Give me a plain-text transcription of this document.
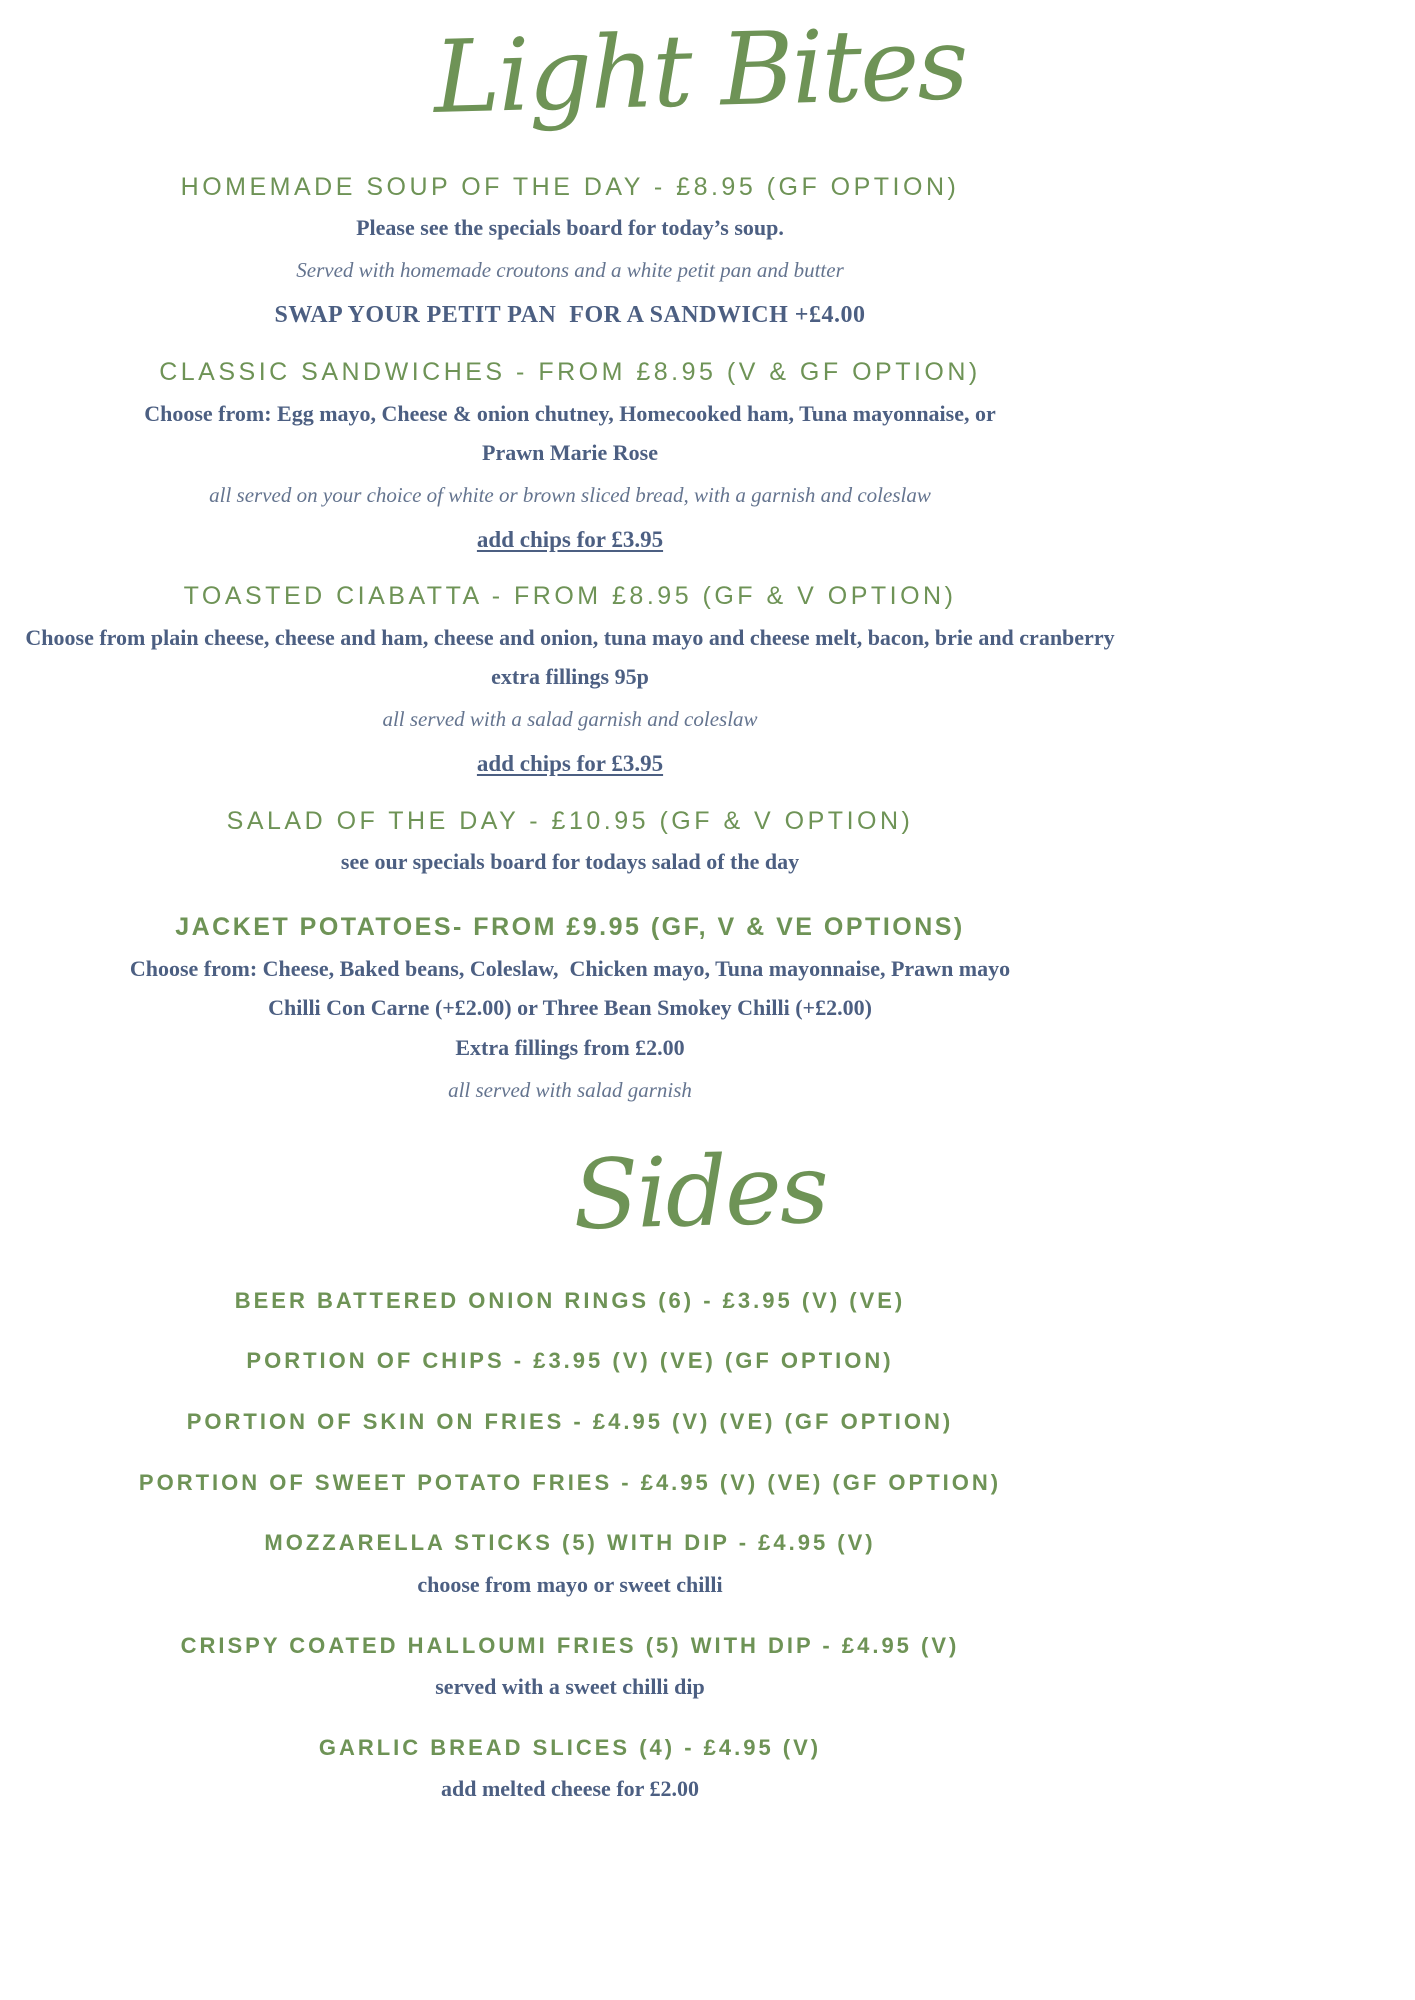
Light Bites
HOMEMADE SOUP OF THE DAY - £8.95 (GF OPTION)
Please see the specials board for today’s soup.
Served with homemade croutons and a white petit pan and butter
SWAP YOUR PETIT PAN  FOR A SANDWICH +£4.00
CLASSIC SANDWICHES - FROM £8.95 (V & GF OPTION)
Choose from: Egg mayo, Cheese & onion chutney, Homecooked ham, Tuna mayonnaise, or
Prawn Marie Rose
all served on your choice of white or brown sliced bread, with a garnish and coleslaw
add chips for £3.95
TOASTED CIABATTA - FROM £8.95 (GF & V OPTION)
Choose from plain cheese, cheese and ham, cheese and onion, tuna mayo and cheese melt, bacon, brie and cranberry
extra fillings 95p
all served with a salad garnish and coleslaw
add chips for £3.95
SALAD OF THE DAY - £10.95 (GF & V OPTION)
see our specials board for todays salad of the day
JACKET POTATOES- FROM £9.95 (GF, V & VE OPTIONS)
Choose from: Cheese, Baked beans, Coleslaw,  Chicken mayo, Tuna mayonnaise, Prawn mayo
Chilli Con Carne (+£2.00) or Three Bean Smokey Chilli (+£2.00)
Extra fillings from £2.00
all served with salad garnish
Sides
BEER BATTERED ONION RINGS (6) - £3.95 (V) (VE)
PORTION OF CHIPS - £3.95 (V) (VE) (GF OPTION)
PORTION OF SKIN ON FRIES - £4.95 (V) (VE) (GF OPTION)
PORTION OF SWEET POTATO FRIES - £4.95 (V) (VE) (GF OPTION)
MOZZARELLA STICKS (5) WITH DIP - £4.95 (V)
choose from mayo or sweet chilli
CRISPY COATED HALLOUMI FRIES (5) WITH DIP - £4.95 (V)
served with a sweet chilli dip
GARLIC BREAD SLICES (4) - £4.95 (V)
add melted cheese for £2.00
